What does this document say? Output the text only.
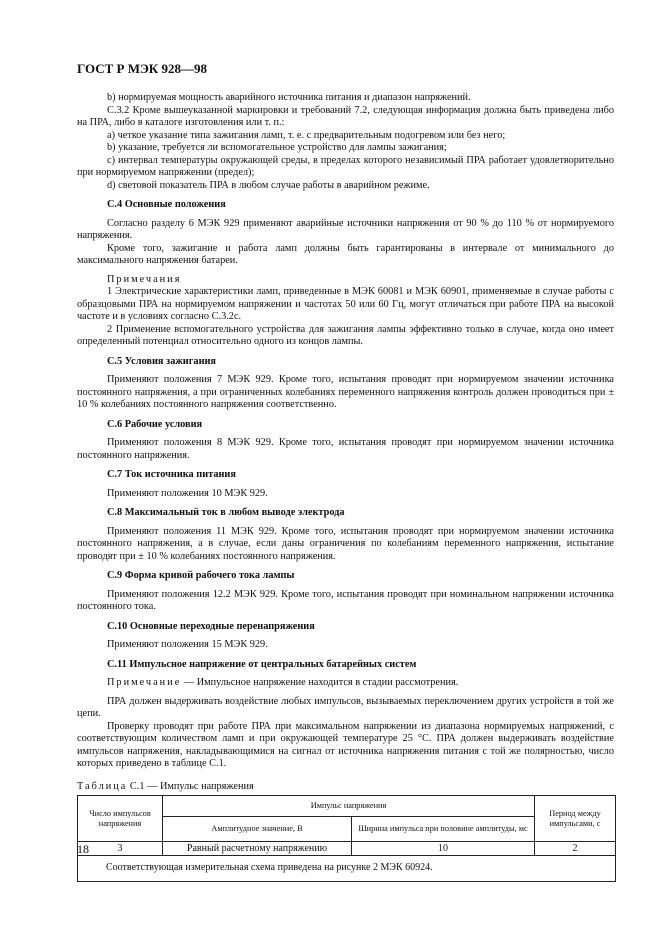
ГОСТ Р МЭК 928—98

b) нормируемая мощность аварийного источника питания и диапазон напряжений.

С.3.2 Кроме вышеуказанной маркировки и требований 7.2, следующая информация должна быть приведена либо на ПРА, либо в каталоге изготовления или т. п.:

a) четкое указание типа зажигания ламп, т. е. с предварительным подогревом или без него;

b) указание, требуется ли вспомогательное устройство для лампы зажигания;

c) интервал температуры окружающей среды, в пределах которого независимый ПРА работает удовлетворительно при нормируемом напряжении (предел);

d) световой показатель ПРА в любом случае работы в аварийном режиме.

С.4 Основные положения

Согласно разделу 6 МЭК 929 применяют аварийные источники напряжения от 90 % до 110 % от нормируемого напряжения.

Кроме того, зажигание и работа ламп должны быть гарантированы в интервале от минимального до максимального напряжения батареи.

Примечания

1 Электрические характеристики ламп, приведенные в МЭК 60081 и МЭК 60901, применяемые в случае работы с образцовыми ПРА на нормируемом напряжении и частотах 50 или 60 Гц, могут отличаться при работе ПРА на высокой частоте и в условиях согласно С.3.2с.

2 Применение вспомогательного устройства для зажигания лампы эффективно только в случае, когда оно имеет определенный потенциал относительно одного из концов лампы.

С.5 Условия зажигания

Применяют положения 7 МЭК 929. Кроме того, испытания проводят при нормируемом значении источника постоянного напряжения, а при ограниченных колебаниях переменного напряжения контроль должен проводиться при ± 10 % колебаниях постоянного напряжения соответственно.

С.6 Рабочие условия

Применяют положения 8 МЭК 929. Кроме того, испытания проводят при нормируемом значении источника постоянного напряжения.

С.7 Ток источника питания

Применяют положения 10 МЭК 929.

С.8 Максимальный ток в любом выводе электрода

Применяют положения 11 МЭК 929. Кроме того, испытания проводят при нормируемом значении источника постоянного напряжения, а в случае, если даны ограничения по колебаниям переменного напряжения, испытание проводят при ± 10 % колебаниях постоянного напряжения.

С.9 Форма кривой рабочего тока лампы

Применяют положения 12.2 МЭК 929. Кроме того, испытания проводят при номинальном напряжении источника постоянного тока.

С.10 Основные переходные перенапряжения

Применяют положения 15 МЭК 929.

С.11 Импульсное напряжение от центральных батарейных систем

Примечание — Импульсное напряжение находится в стадии рассмотрения.

ПРА должен выдерживать воздействие любых импульсов, вызываемых переключением других устройств в той же цепи.

Проверку проводят при работе ПРА при максимальном напряжении из диапазона нормируемых напряжений, с соответствующим количеством ламп и при окружающей температуре 25 °С. ПРА должен выдерживать воздействие импульсов напряжения, накладывающимися на сигнал от источника напряжения питания с той же полярностью, число которых приведено в таблице С.1.

Таблица С.1 — Импульс напряжения

Число импульсов напряжения	Импульс напряжения		Период между импульсами, с
	Амплитудное значение, В	Ширина импульса при половине амплитуды, мс	
3	Равный расчетному напряжению	10	2
Соответствующая измерительная схема приведена на рисунке 2 МЭК 60924.			
18
